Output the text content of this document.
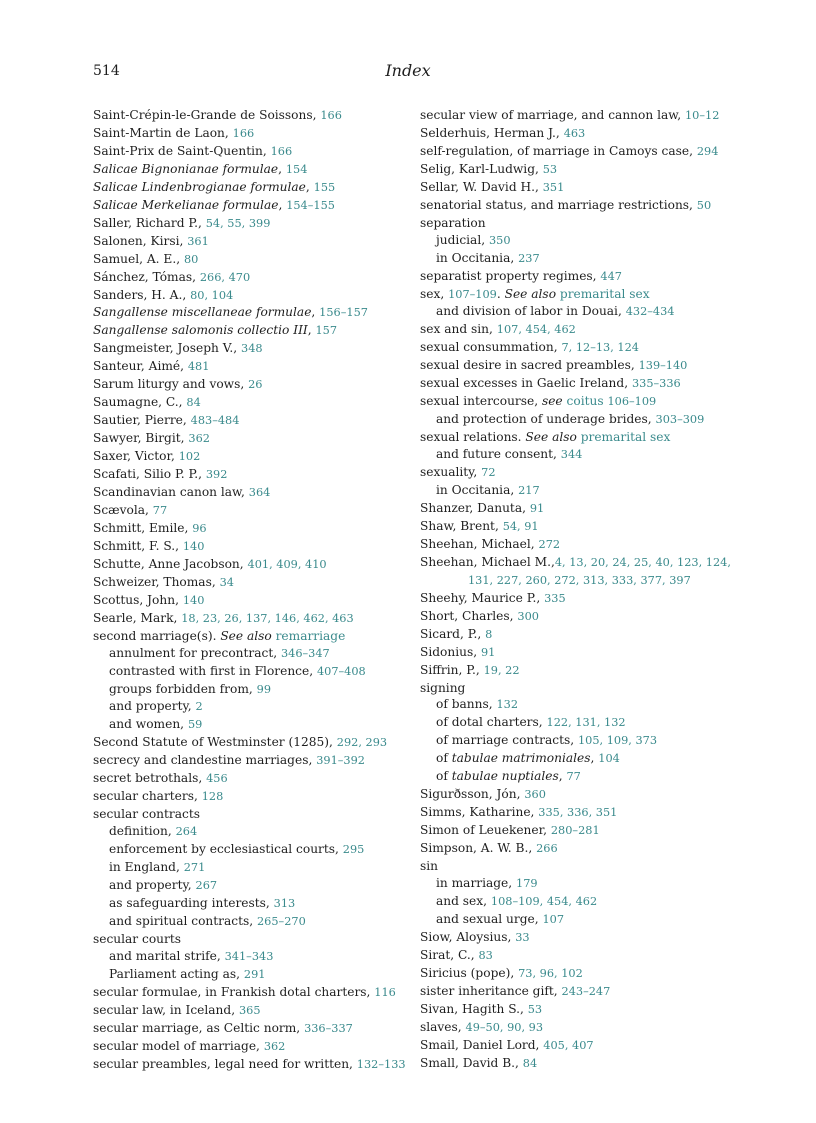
514	Index
Saint-Crépin-le-Grande de Soissons, 166
Saint-Martin de Laon, 166
Saint-Prix de Saint-Quentin, 166
Salicae Bignonianae formulae, 154
Salicae Lindenbrogianae formulae, 155
Salicae Merkelianae formulae, 154–155
Saller, Richard P., 54, 55, 399
Salonen, Kirsi, 361
Samuel, A. E., 80
Sánchez, Tómas, 266, 470
Sanders, H. A., 80, 104
Sangallense miscellaneae formulae, 156–157
Sangallense salomonis collectio III, 157
Sangmeister, Joseph V., 348
Santeur, Aimé, 481
Sarum liturgy and vows, 26
Saumagne, C., 84
Sautier, Pierre, 483–484
Sawyer, Birgit, 362
Saxer, Victor, 102
Scafati, Silio P. P., 392
Scandinavian canon law, 364
Scævola, 77
Schmitt, Emile, 96
Schmitt, F. S., 140
Schutte, Anne Jacobson, 401, 409, 410
Schweizer, Thomas, 34
Scottus, John, 140
Searle, Mark, 18, 23, 26, 137, 146, 462, 463
second marriage(s). See also remarriage
annulment for precontract, 346–347
contrasted with first in Florence, 407–408
groups forbidden from, 99
and property, 2
and women, 59
Second Statute of Westminster (1285), 292, 293
secrecy and clandestine marriages, 391–392
secret betrothals, 456
secular charters, 128
secular contracts
definition, 264
enforcement by ecclesiastical courts, 295
in England, 271
and property, 267
as safeguarding interests, 313
and spiritual contracts, 265–270
secular courts
and marital strife, 341–343
Parliament acting as, 291
secular formulae, in Frankish dotal charters, 116
secular law, in Iceland, 365
secular marriage, as Celtic norm, 336–337
secular model of marriage, 362
secular preambles, legal need for written, 132–133
secular view of marriage, and cannon law, 10–12
Selderhuis, Herman J., 463
self-regulation, of marriage in Camoys case, 294
Selig, Karl-Ludwig, 53
Sellar, W. David H., 351
senatorial status, and marriage restrictions, 50
separation
judicial, 350
in Occitania, 237
separatist property regimes, 447
sex, 107–109. See also premarital sex
and division of labor in Douai, 432–434
sex and sin, 107, 454, 462
sexual consummation, 7, 12–13, 124
sexual desire in sacred preambles, 139–140
sexual excesses in Gaelic Ireland, 335–336
sexual intercourse, see coitus 106–109
and protection of underage brides, 303–309
sexual relations. See also premarital sex
and future consent, 344
sexuality, 72
in Occitania, 217
Shanzer, Danuta, 91
Shaw, Brent, 54, 91
Sheehan, Michael, 272
Sheehan, Michael M.,4, 13, 20, 24, 25, 40, 123, 124,
131, 227, 260, 272, 313, 333, 377, 397
Sheehy, Maurice P., 335
Short, Charles, 300
Sicard, P., 8
Sidonius, 91
Siffrin, P., 19, 22
signing
of banns, 132
of dotal charters, 122, 131, 132
of marriage contracts, 105, 109, 373
of tabulae matrimoniales, 104
of tabulae nuptiales, 77
Sigurðsson, Jón, 360
Simms, Katharine, 335, 336, 351
Simon of Leuekener, 280–281
Simpson, A. W. B., 266
sin
in marriage, 179
and sex, 108–109, 454, 462
and sexual urge, 107
Siow, Aloysius, 33
Sirat, C., 83
Siricius (pope), 73, 96, 102
sister inheritance gift, 243–247
Sivan, Hagith S., 53
slaves, 49–50, 90, 93
Smail, Daniel Lord, 405, 407
Small, David B., 84
